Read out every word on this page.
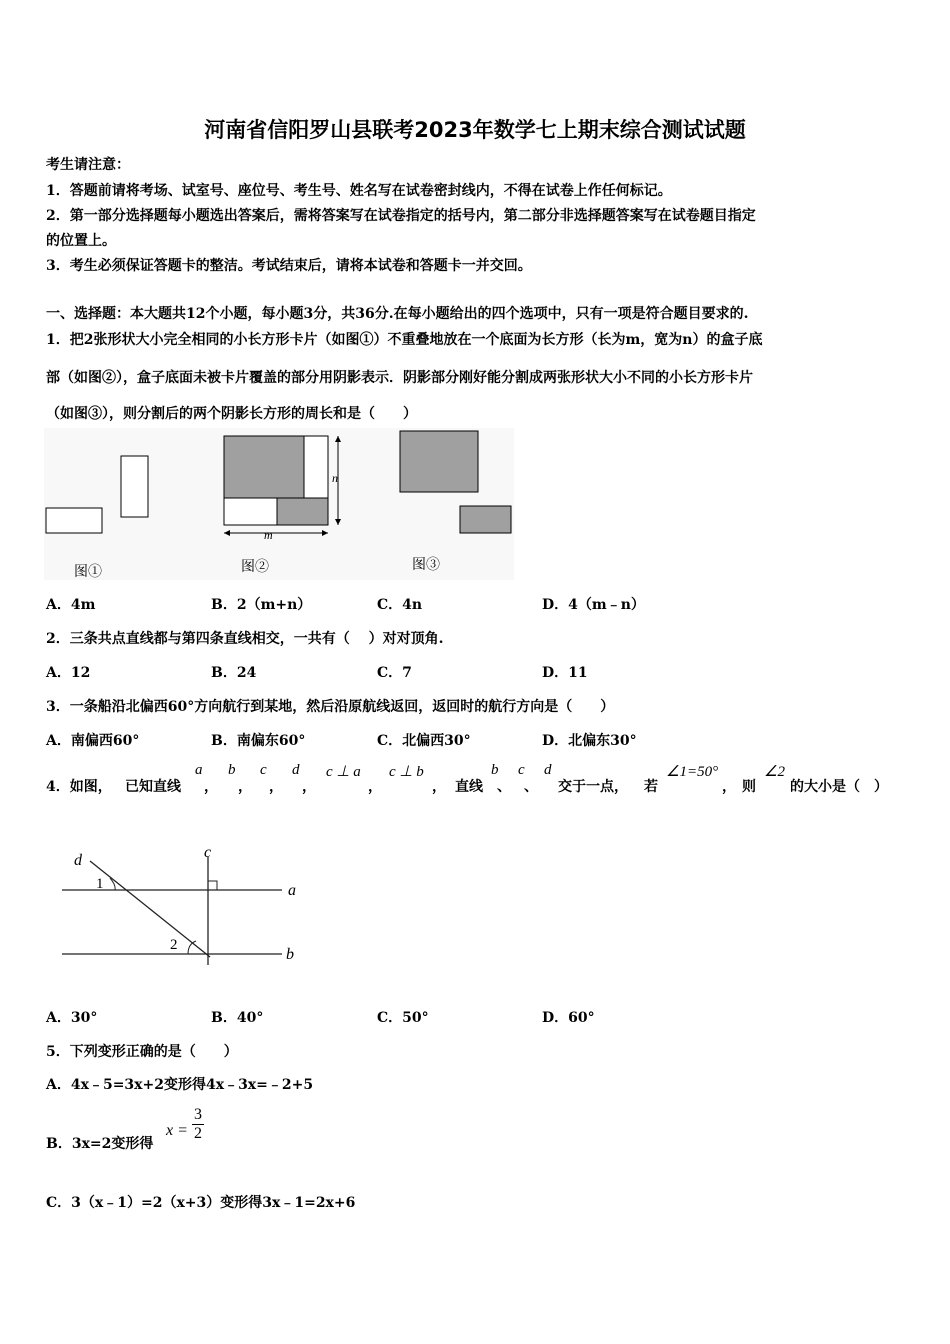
河南省信阳罗山县联考2023年数学七上期末综合测试试题
考生请注意：
1．答题前请将考场、试室号、座位号、考生号、姓名写在试卷密封线内，不得在试卷上作任何标记。
2．第一部分选择题每小题选出答案后，需将答案写在试卷指定的括号内，第二部分非选择题答案写在试卷题目指定
的位置上。
3．考生必须保证答题卡的整洁。考试结束后，请将本试卷和答题卡一并交回。
一、选择题：本大题共12个小题，每小题3分，共36分.在每小题给出的四个选项中，只有一项是符合题目要求的.
1．把2张形状大小完全相同的小长方形卡片（如图①）不重叠地放在一个底面为长方形（长为m，宽为n）的盒子底
部（如图②），盒子底面未被卡片覆盖的部分用阴影表示．阴影部分刚好能分割成两张形状大小不同的小长方形卡片
（如图③），则分割后的两个阴影长方形的周长和是（　　）
图①
m
n
图②	图③
A．4m	B．2（m+n）	C．4n	D．4（m﹣n）
2．三条共点直线都与第四条直线相交，一共有（　 ）对对顶角.
A．12	B．24	C．7	D．11
3．一条船沿北偏西60°方向航行到某地，然后沿原航线返回，返回时的航行方向是（　　）
A．南偏西60°	B．南偏东60°	C．北偏西30°	D．北偏东30°
4．如图， 已知直线
a
，
b
，
c
，
d
，
c ⊥ a
，
c ⊥ b
， 直线
b
、
c
、
d
交于一点， 若
∠1=50°
， 则
∠2
的大小是（　）
d	c
a
b
1
2
A．30°	B．40°	C．50°	D．60°
5．下列变形正确的是（　　）
A．4x﹣5=3x+2变形得4x﹣3x=﹣2+5
B．3x=2变形得
$x = \frac{3}{2}$
C．3（x﹣1）=2（x+3）变形得3x﹣1=2x+6
